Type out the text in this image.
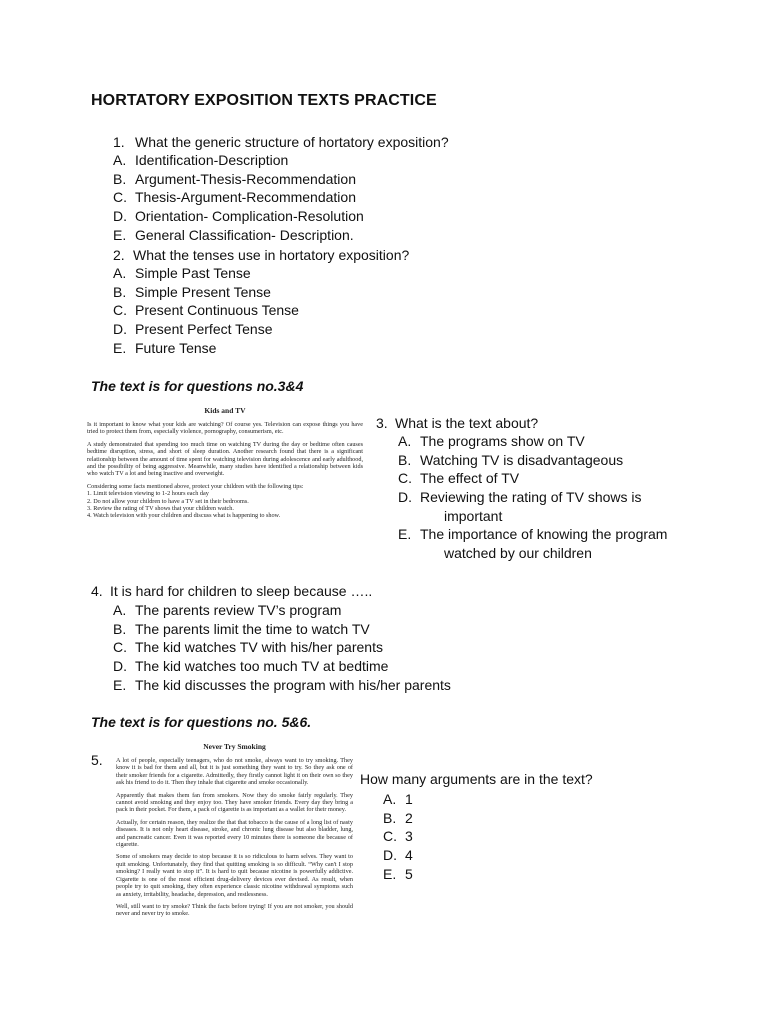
HORTATORY EXPOSITION TEXTS PRACTICE
1. What the generic structure of hortatory exposition?
A. Identification-Description
B. Argument-Thesis-Recommendation
C. Thesis-Argument-Recommendation
D. Orientation- Complication-Resolution
E. General Classification- Description.
2. What the tenses use in hortatory exposition?
A. Simple Past Tense
B. Simple Present Tense
C. Present Continuous Tense
D. Present Perfect Tense
E. Future Tense
The text is for questions no.3&4
Kids and TV

Is it important to know what your kids are watching? Of course yes. Television can expose things you have tried to protect them from, especially violence, pornography, consumerism, etc.

A study demonstrated that spending too much time on watching TV during the day or bedtime often causes bedtime disruption, stress, and short of sleep duration. Another research found that there is a significant relationship between the amount of time spent for watching television during adolescence and early adulthood, and the possibility of being aggressive. Meanwhile, many studies have identified a relationship between kids who watch TV a lot and being inactive and overweight.

Considering some facts mentioned above, protect your children with the following tips:

1. Limit television viewing to 1-2 hours each day

2. Do not allow your children to have a TV set in their bedrooms.

3. Review the rating of TV shows that your children watch.

4. Watch television with your children and discuss what is happening to show.

3. What is the text about?
A. The programs show on TV
B. Watching TV is disadvantageous
C. The effect of TV
D. Reviewing the rating of TV shows is
important
E. The importance of knowing the program
watched by our children
4. It is hard for children to sleep because …..
A. The parents review TV’s program
B. The parents limit the time to watch TV
C. The kid watches TV with his/her parents
D. The kid watches too much TV at bedtime
E. The kid discusses the program with his/her parents
The text is for questions no. 5&6.
5.
Never Try Smoking

A lot of people, especially teenagers, who do not smoke, always want to try smoking. They know it is bad for them and all, but it is just something they want to try. So they ask one of their smoker friends for a cigarette. Admittedly, they firstly cannot light it on their own so they ask his friend to do it. Then they inhale that cigarette and smoke occasionally.

Apparently that makes them fan from smokers. Now they do smoke fairly regularly. They cannot avoid smoking and they enjoy too. They have smoker friends. Every day they bring a pack in their pocket. For them, a pack of cigarette is as important as a wallet for their money.

Actually, for certain reason, they realize the that that tobacco is the cause of a long list of nasty diseases. It is not only heart disease, stroke, and chronic lung disease but also bladder, lung, and pancreatic cancer. Even it was reported every 10 minutes there is someone die because of cigarette.

Some of smokers may decide to stop because it is so ridiculous to harm selves. They want to quit smoking. Unfortunately, they find that quitting smoking is so difficult. “Why can't I stop smoking? I really want to stop it”. It is hard to quit because nicotine is powerfully addictive. Cigarette is one of the most efficient drug-delivery devices ever devised. As result, when people try to quit smoking, they often experience classic nicotine withdrawal symptoms such as anxiety, irritability, headache, depression, and restlessness.

Well, still want to try smoke? Think the facts before trying! If you are not smoker, you should never and never try to smoke.

How many arguments are in the text?
A. 1
B. 2
C. 3
D. 4
E. 5
